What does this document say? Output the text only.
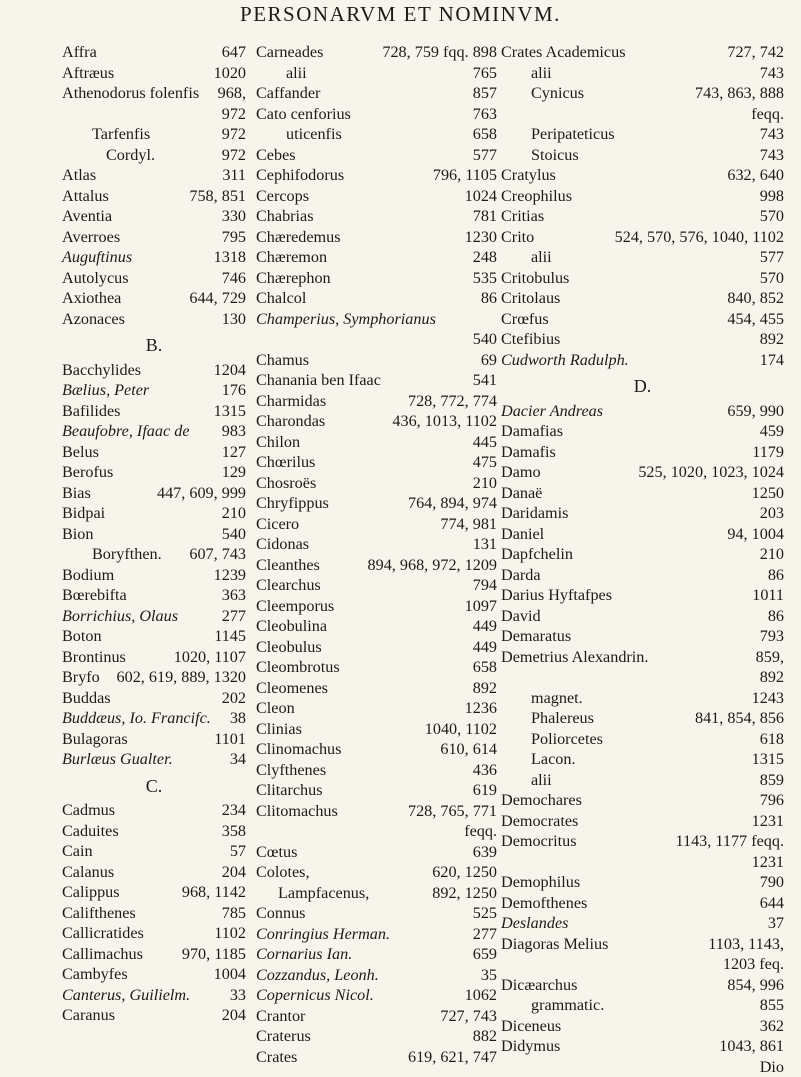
PERSONARVM ET NOMINVM.
Affra	647
Aftræus	1020
Athenodorus folenfis	968,
972
Tarfenfis	972
Cordyl.	972
Atlas	311
Attalus	758, 851
Aventia	330
Averroes	795
Auguftinus	1318
Autolycus	746
Axiothea	644, 729
Azonaces	130
B.
Bacchylides	1204
Bælius, Peter	176
Bafilides	1315
Beaufobre, Ifaac de	983
Belus	127
Berofus	129
Bias	447, 609, 999
Bidpai	210
Bion	540
Boryfthen.	607, 743
Bodium	1239
Bœrebifta	363
Borrichius, Olaus	277
Boton	1145
Brontinus	1020, 1107
Bryfo	602, 619, 889, 1320
Buddas	202
Buddæus, Io. Francifc.	38
Bulagoras	1101
Burlæus Gualter.	34
C.
Cadmus	234
Caduites	358
Cain	57
Calanus	204
Calippus	968, 1142
Califthenes	785
Callicratides	1102
Callimachus	970, 1185
Cambyfes	1004
Canterus, Guilielm.	33
Caranus	204
Carneades	728, 759 fqq. 898
alii	765
Caffander	857
Cato cenforius	763
uticenfis	658
Cebes	577
Cephifodorus	796, 1105
Cercops	1024
Chabrias	781
Chæredemus	1230
Chæremon	248
Chærephon	535
Chalcol	86
Champerius, Symphorianus
540
Chamus	69
Chanania ben Ifaac	541
Charmidas	728, 772, 774
Charondas	436, 1013, 1102
Chilon	445
Chœrilus	475
Chosroës	210
Chryfippus	764, 894, 974
Cicero	774, 981
Cidonas	131
Cleanthes	894, 968, 972, 1209
Clearchus	794
Cleemporus	1097
Cleobulina	449
Cleobulus	449
Cleombrotus	658
Cleomenes	892
Cleon	1236
Clinias	1040, 1102
Clinomachus	610, 614
Clyfthenes	436
Clitarchus	619
Clitomachus	728, 765, 771
feqq.
Cœtus	639
Colotes,	620, 1250
Lampfacenus,	892, 1250
Connus	525
Conringius Herman.	277
Cornarius Ian.	659
Cozzandus, Leonh.	35
Copernicus Nicol.	1062
Crantor	727, 743
Craterus	882
Crates	619, 621, 747
Crates Academicus	727, 742
alii	743
Cynicus	743, 863, 888
feqq.
Peripateticus	743
Stoicus	743
Cratylus	632, 640
Creophilus	998
Critias	570
Crito	524, 570, 576, 1040, 1102
alii	577
Critobulus	570
Critolaus	840, 852
Crœfus	454, 455
Ctefibius	892
Cudworth Radulph.	174
D.
Dacier Andreas	659, 990
Damafias	459
Damafis	1179
Damo	525, 1020, 1023, 1024
Danaë	1250
Daridamis	203
Daniel	94, 1004
Dapfchelin	210
Darda	86
Darius Hyftafpes	1011
David	86
Demaratus	793
Demetrius Alexandrin.	859,
892
magnet.	1243
Phalereus	841, 854, 856
Poliorcetes	618
Lacon.	1315
alii	859
Demochares	796
Democrates	1231
Democritus	1143, 1177 feqq.
1231
Demophilus	790
Demofthenes	644
Deslandes	37
Diagoras Melius	1103, 1143,
1203 feq.
Dicæarchus	854, 996
grammatic.	855
Diceneus	362
Didymus	1043, 861
Dio
